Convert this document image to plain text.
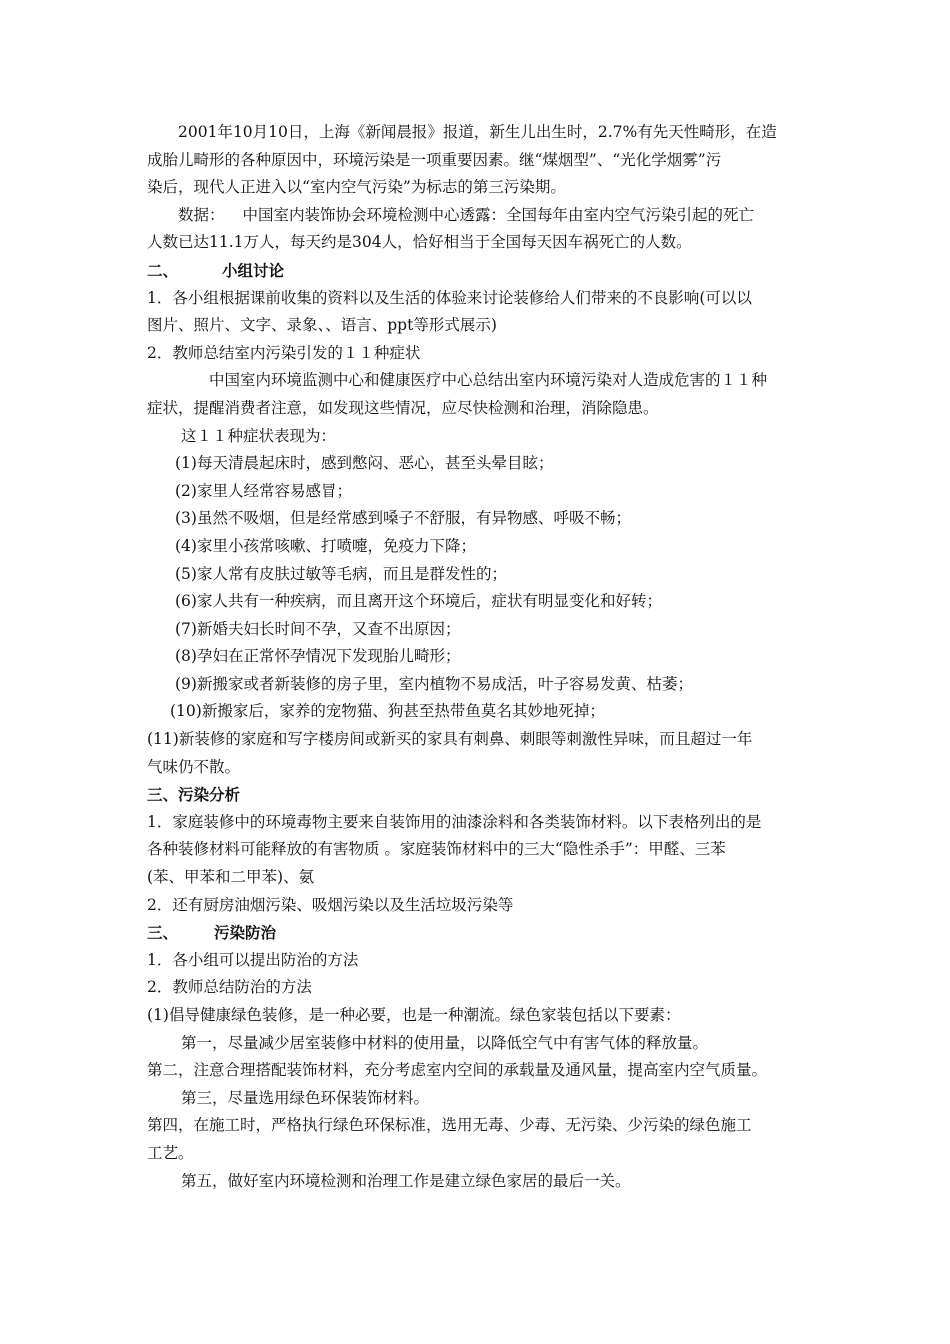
2001年10月10日，上海《新闻晨报》报道，新生儿出生时，2.7%有先天性畸形，在造
成胎儿畸形的各种原因中，环境污染是一项重要因素。继“煤烟型”、“光化学烟雾”污
染后，现代人正进入以“室内空气污染”为标志的第三污染期。
数据： 中国室内装饰协会环境检测中心透露：全国每年由室内空气污染引起的死亡
人数已达11.1万人，每天约是304人，恰好相当于全国每天因车祸死亡的人数。
二、	小组讨论
1．各小组根据课前收集的资料以及生活的体验来讨论装修给人们带来的不良影响(可以以
图片、照片、文字、录象、、语言、ppt等形式展示)
2．教师总结室内污染引发的１１种症状
中国室内环境监测中心和健康医疗中心总结出室内环境污染对人造成危害的１１种
症状，提醒消费者注意，如发现这些情况，应尽快检测和治理，消除隐患。
这１１种症状表现为：
(1)每天清晨起床时，感到憋闷、恶心，甚至头晕目眩；
(2)家里人经常容易感冒；
(3)虽然不吸烟，但是经常感到嗓子不舒服，有异物感、呼吸不畅；
(4)家里小孩常咳嗽、打喷嚏，免疫力下降；
(5)家人常有皮肤过敏等毛病，而且是群发性的；
(6)家人共有一种疾病，而且离开这个环境后，症状有明显变化和好转；
(7)新婚夫妇长时间不孕，又查不出原因；
(8)孕妇在正常怀孕情况下发现胎儿畸形；
(9)新搬家或者新装修的房子里，室内植物不易成活，叶子容易发黄、枯萎；
(10)新搬家后，家养的宠物猫、狗甚至热带鱼莫名其妙地死掉；
(11)新装修的家庭和写字楼房间或新买的家具有刺鼻、刺眼等刺激性异味，而且超过一年
气味仍不散。
三、污染分析
1．家庭装修中的环境毒物主要来自装饰用的油漆涂料和各类装饰材料。以下表格列出的是
各种装修材料可能释放的有害物质 。家庭装饰材料中的三大“隐性杀手”：甲醛、三苯
(苯、甲苯和二甲苯)、氨
2．还有厨房油烟污染、吸烟污染以及生活垃圾污染等
三、 污染防治
1．各小组可以提出防治的方法
2．教师总结防治的方法
(1)倡导健康绿色装修，是一种必要，也是一种潮流。绿色家装包括以下要素：
第一，尽量减少居室装修中材料的使用量，以降低空气中有害气体的释放量。
第二，注意合理搭配装饰材料，充分考虑室内空间的承载量及通风量，提高室内空气质量。
第三，尽量选用绿色环保装饰材料。
第四，在施工时，严格执行绿色环保标准，选用无毒、少毒、无污染、少污染的绿色施工
工艺。
第五，做好室内环境检测和治理工作是建立绿色家居的最后一关。
